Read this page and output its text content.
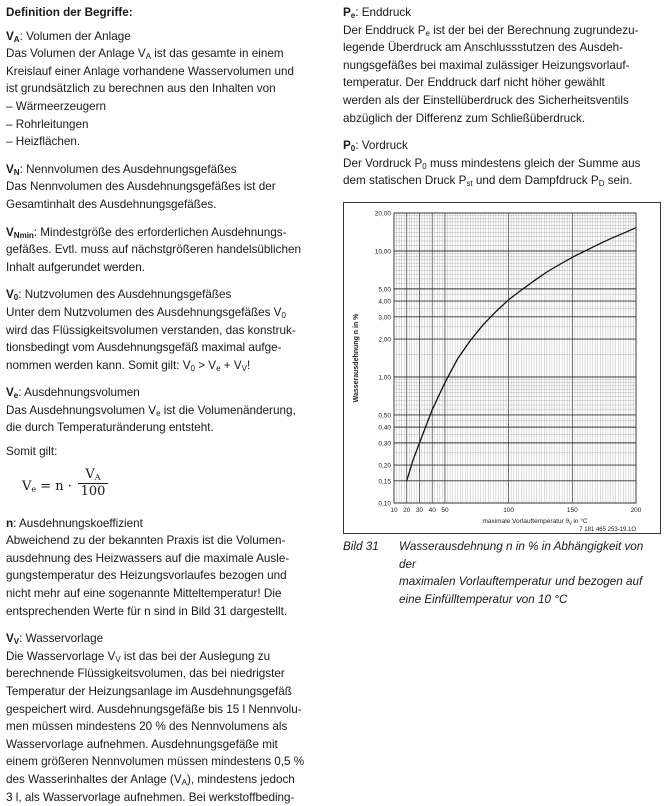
Definition der Begriffe:

$V_A$: Volumen der Anlage

Das Volumen der Anlage $V_A$ ist das gesamte in einem

Kreislauf einer Anlage vorhandene Wasservolumen und

ist grundsätzlich zu berechnen aus den Inhalten von

– Wärmeerzeugern
– Rohrleitungen
– Heizflächen.

$V_N$: Nennvolumen des Ausdehnungsgefäßes

Das Nennvolumen des Ausdehnungsgefäßes ist der

Gesamtinhalt des Ausdehnungsgefäßes.

$V_{Nmin}$: Mindestgröße des erforderlichen Ausdehnungs-

gefäßes. Evtl. muss auf nächstgrößeren handelsüblichen

Inhalt aufgerundet werden.

$V_0$: Nutzvolumen des Ausdehnungsgefäßes

Unter dem Nutzvolumen des Ausdehnungsgefäßes $V_0$

wird das Flüssigkeitsvolumen verstanden, das konstruk-

tionsbedingt vom Ausdehnungsgefäß maximal aufge-

nommen werden kann. Somit gilt: $V_0 > V_e + V_V$!

$V_e$: Ausdehnungsvolumen

Das Ausdehnungsvolumen $V_e$ ist die Volumenänderung,

die durch Temperaturänderung entsteht.

Somit gilt:

$V_e = n \cdot \frac{V_A}{100}$

n: Ausdehnungskoeffizient

Abweichend zu der bekannten Praxis ist die Volumen-

ausdehnung des Heizwassers auf die maximale Ausle-

gungstemperatur des Heizungsvorlaufes bezogen und

nicht mehr auf eine sogenannte Mitteltemperatur! Die

entsprechenden Werte für n sind in Bild 31 dargestellt.

$V_V$: Wasservorlage

Die Wasservorlage $V_V$ ist das bei der Auslegung zu

berechnende Flüssigkeitsvolumen, das bei niedrigster

Temperatur der Heizungsanlage im Ausdehnungsgefäß

gespeichert wird. Ausdehnungsgefäße bis 15 l Nennvolu-

men müssen mindestens 20 % des Nennvolumens als

Wasservorlage aufnehmen. Ausdehnungsgefäße mit

einem größeren Nennvolumen müssen mindestens 0,5 %

des Wasserinhaltes der Anlage $(V_A)$, mindestens jedoch

3 l, als Wasservorlage aufnehmen. Bei werkstoffbeding-

$P_e$: Enddruck

Der Enddruck $P_e$ ist der bei der Berechnung zugrundezu-

legende Überdruck am Anschlussstutzen des Ausdeh-

nungsgefäßes bei maximal zulässiger Heizungsvorlauf-

temperatur. Der Enddruck darf nicht höher gewählt

werden als der Einstellüberdruck des Sicherheitsventils

abzüglich der Differenz zum Schließüberdruck.

$P_0$: Vordruck

Der Vordruck $P_0$ muss mindestens gleich der Summe aus

dem statischen Druck $P_{st}$ und dem Dampfdruck $P_D$ sein.

0,10
0,15
0,20
0,30
0,40
0,50
1,00
2,00
3,00
4,00
5,00
10,00
20,00
10 20 30 40 50	100	150	200
maximale Vorlauftemperatur $ϑ_v$ in °C
7 181 465 253-19.1O
Wasserausdehnung n in %
Bild 31	Wasserausdehnung n in % in Abhängigkeit von der
maximalen Vorlauftemperatur und bezogen auf
eine Einfülltemperatur von 10 °C
